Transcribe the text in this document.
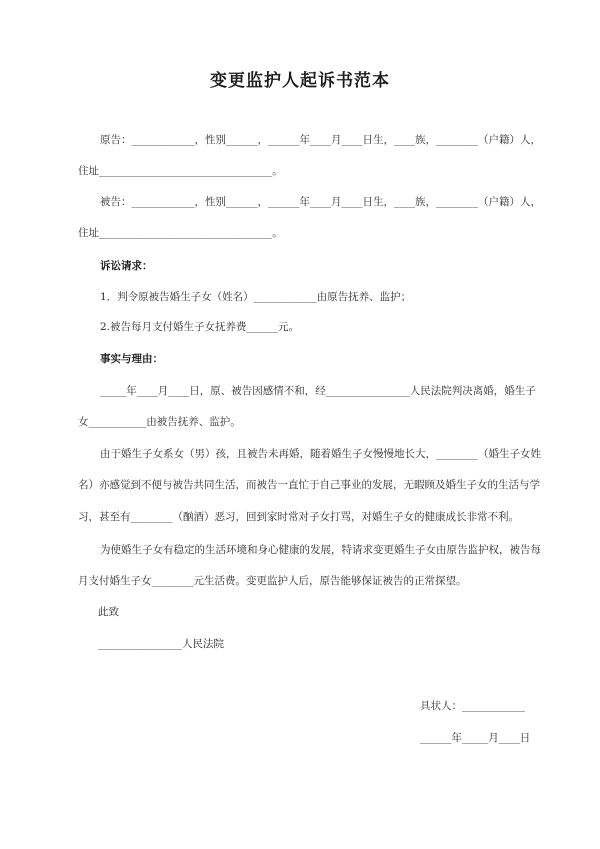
变更监护人起诉书范本
原告：____________，性别______，______年____月____日生，____族，________（户籍）人，
住址_________________________________。
被告：____________，性别______，______年____月____日生，____族，________（户籍）人，
住址_________________________________。
诉讼请求：
1．判令原被告婚生子女（姓名）____________由原告抚养、监护；
2.被告每月支付婚生子女抚养费______元。
事实与理由：
_____年____月____日，原、被告因感情不和，经________________人民法院判决离婚，婚生子
女___________由被告抚养、监护。
由于婚生子女系女（男）孩，且被告未再婚，随着婚生子女慢慢地长大，________（婚生子女姓
名）亦感觉到不便与被告共同生活，而被告一直忙于自己事业的发展，无暇顾及婚生子女的生活与学
习，甚至有________（酗酒）恶习，回到家时常对子女打骂，对婚生子女的健康成长非常不利。
为使婚生子女有稳定的生活环境和身心健康的发展，特请求变更婚生子女由原告监护权，被告每
月支付婚生子女________元生活费。变更监护人后，原告能够保证被告的正常探望。
此致
________________人民法院
具状人：____________
______年_____月____日
